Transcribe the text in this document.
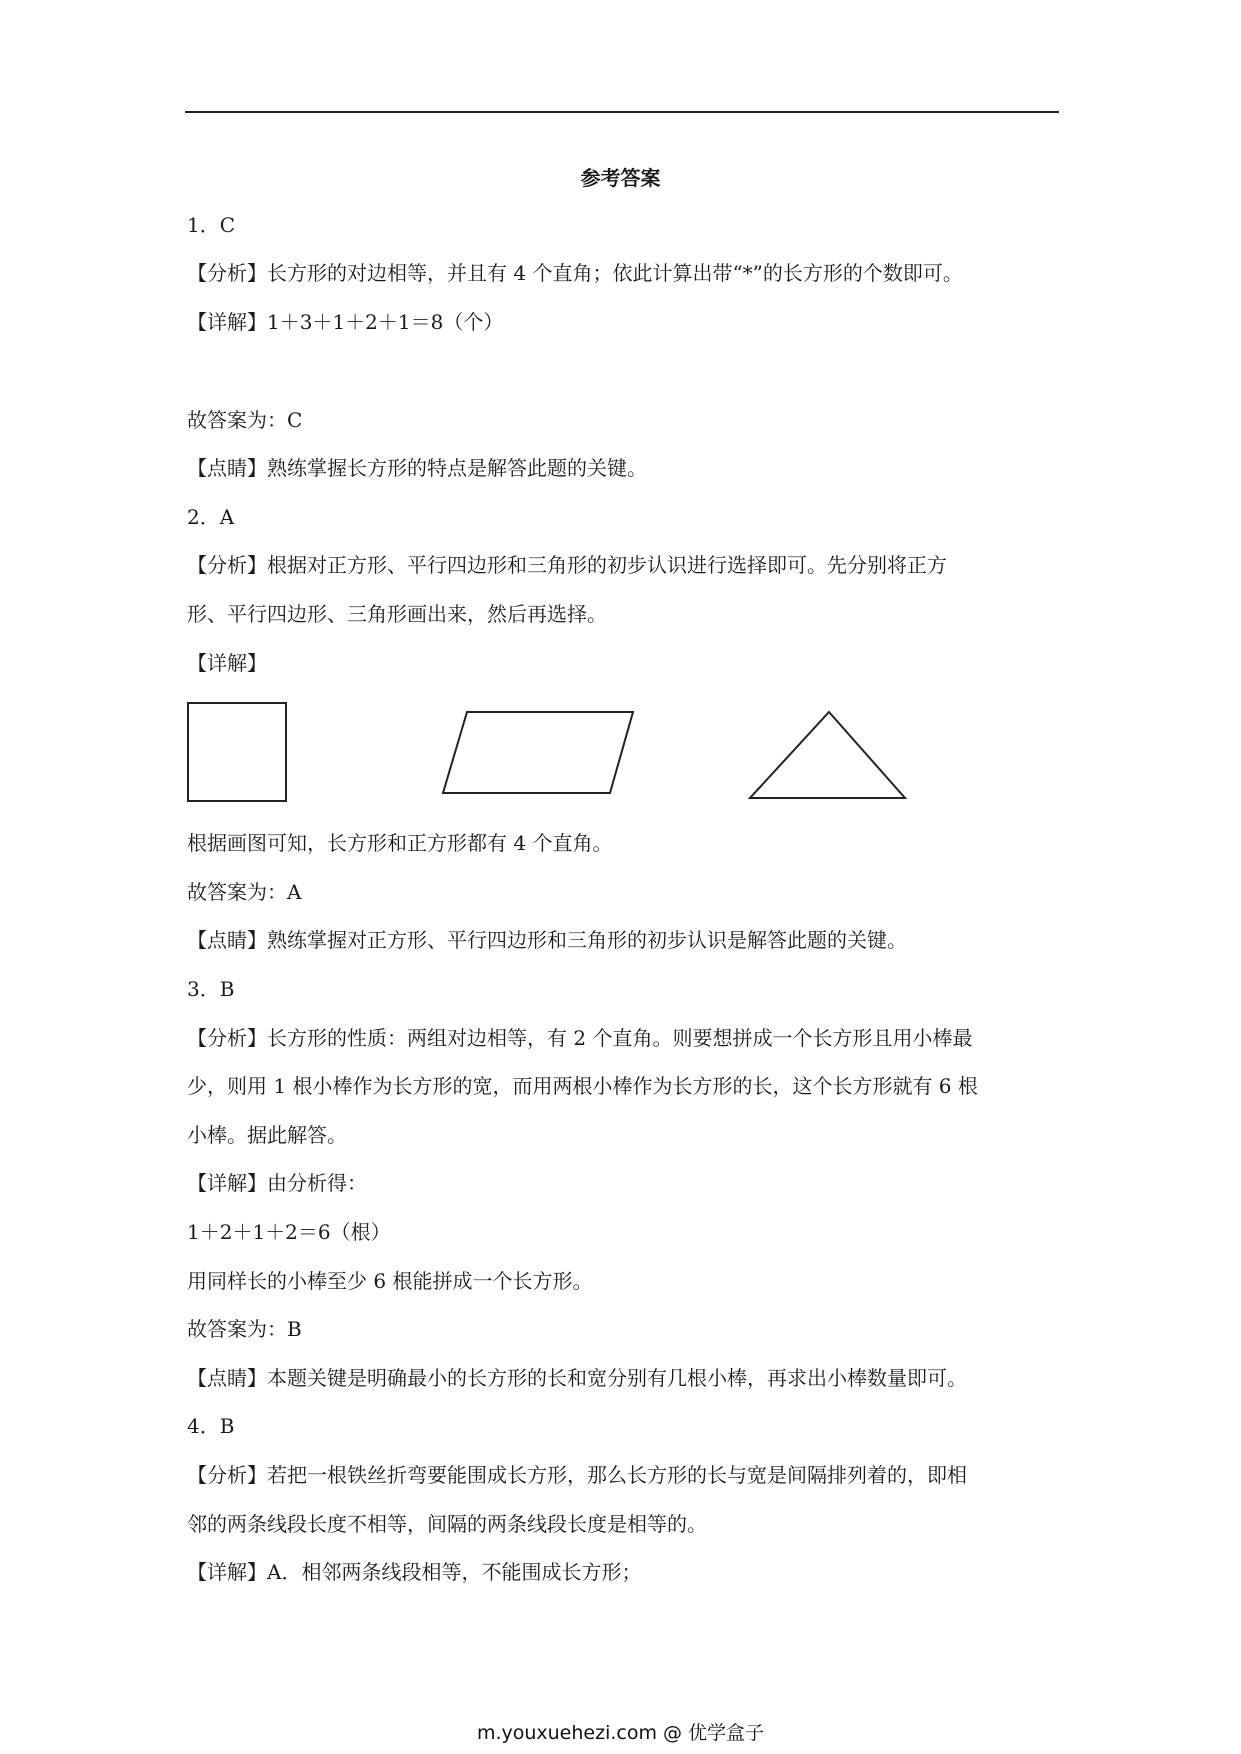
参考答案
1．C
【分析】长方形的对边相等，并且有 4 个直角；依此计算出带“*”的长方形的个数即可。
【详解】1＋3＋1＋2＋1＝8（个）
故答案为：C
【点睛】熟练掌握长方形的特点是解答此题的关键。
2．A
【分析】根据对正方形、平行四边形和三角形的初步认识进行选择即可。先分别将正方
形、平行四边形、三角形画出来，然后再选择。
【详解】
根据画图可知，长方形和正方形都有 4 个直角。
故答案为：A
【点睛】熟练掌握对正方形、平行四边形和三角形的初步认识是解答此题的关键。
3．B
【分析】长方形的性质：两组对边相等，有 2 个直角。则要想拼成一个长方形且用小棒最
少，则用 1 根小棒作为长方形的宽，而用两根小棒作为长方形的长，这个长方形就有 6 根
小棒。据此解答。
【详解】由分析得：
1＋2＋1＋2＝6（根）
用同样长的小棒至少 6 根能拼成一个长方形。
故答案为：B
【点睛】本题关键是明确最小的长方形的长和宽分别有几根小棒，再求出小棒数量即可。
4．B
【分析】若把一根铁丝折弯要能围成长方形，那么长方形的长与宽是间隔排列着的，即相
邻的两条线段长度不相等，间隔的两条线段长度是相等的。
【详解】A．相邻两条线段相等，不能围成长方形；
m.youxuehezi.com @ 优学盒子
